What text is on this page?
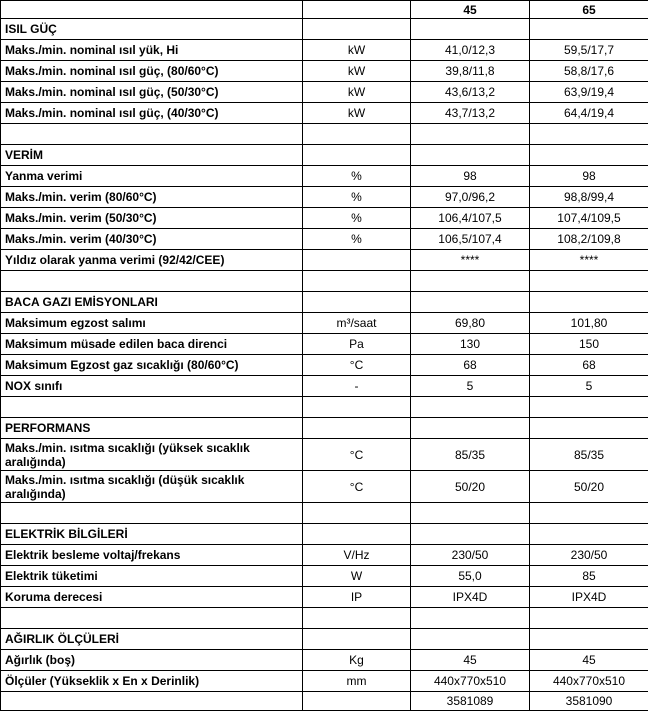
		45	65
ISIL GÜÇ			
Maks./min. nominal ısıl yük, Hi	kW	41,0/12,3	59,5/17,7
Maks./min. nominal ısıl güç, (80/60°C)	kW	39,8/11,8	58,8/17,6
Maks./min. nominal ısıl güç, (50/30°C)	kW	43,6/13,2	63,9/19,4
Maks./min. nominal ısıl güç, (40/30°C)	kW	43,7/13,2	64,4/19,4

VERİM			
Yanma verimi	%	98	98
Maks./min. verim (80/60°C)	%	97,0/96,2	98,8/99,4
Maks./min. verim (50/30°C)	%	106,4/107,5	107,4/109,5
Maks./min. verim (40/30°C)	%	106,5/107,4	108,2/109,8
Yıldız olarak yanma verimi (92/42/CEE)		****	****

BACA GAZI EMİSYONLARI			
Maksimum egzost salımı	m³/saat	69,80	101,80
Maksimum müsade edilen baca direnci	Pa	130	150
Maksimum Egzost gaz sıcaklığı (80/60°C)	°C	68	68
NOX sınıfı	-	5	5

PERFORMANS			
Maks./min. ısıtma sıcaklığı (yüksek sıcaklık aralığında)	°C	85/35	85/35
Maks./min. ısıtma sıcaklığı (düşük sıcaklık aralığında)	°C	50/20	50/20

ELEKTRİK BİLGİLERİ			
Elektrik besleme voltaj/frekans	V/Hz	230/50	230/50
Elektrik tüketimi	W	55,0	85
Koruma derecesi	IP	IPX4D	IPX4D

AĞIRLIK ÖLÇÜLERİ			
Ağırlık (boş)	Kg	45	45
Ölçüler (Yükseklik x En x Derinlik)	mm	440x770x510	440x770x510
		3581089	3581090
